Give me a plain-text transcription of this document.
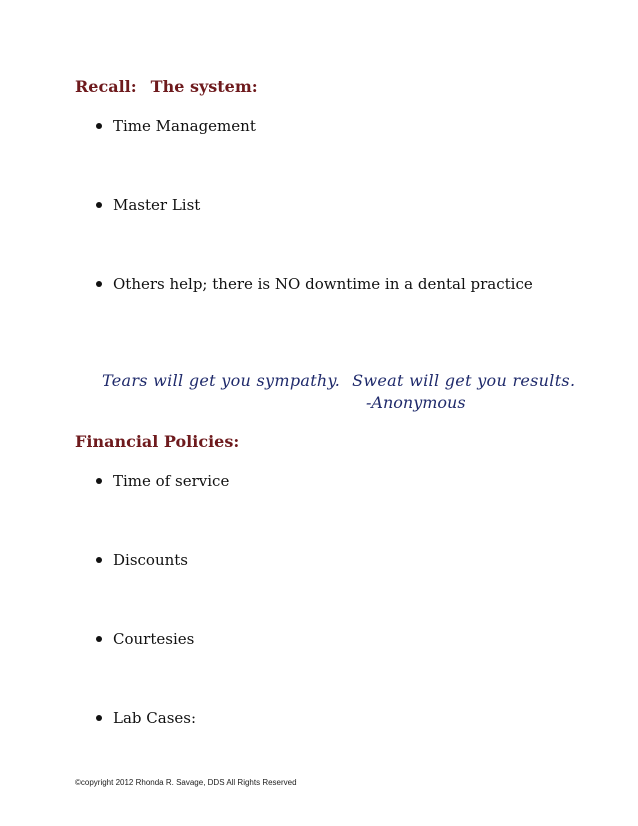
Recall: The system:
Time Management
Master List
Others help; there is NO downtime in a dental practice
Tears will get you sympathy. Sweat will get you results.
-Anonymous
Financial Policies:
Time of service
Discounts
Courtesies
Lab Cases:
©copyright 2012 Rhonda R. Savage, DDS All Rights Reserved
